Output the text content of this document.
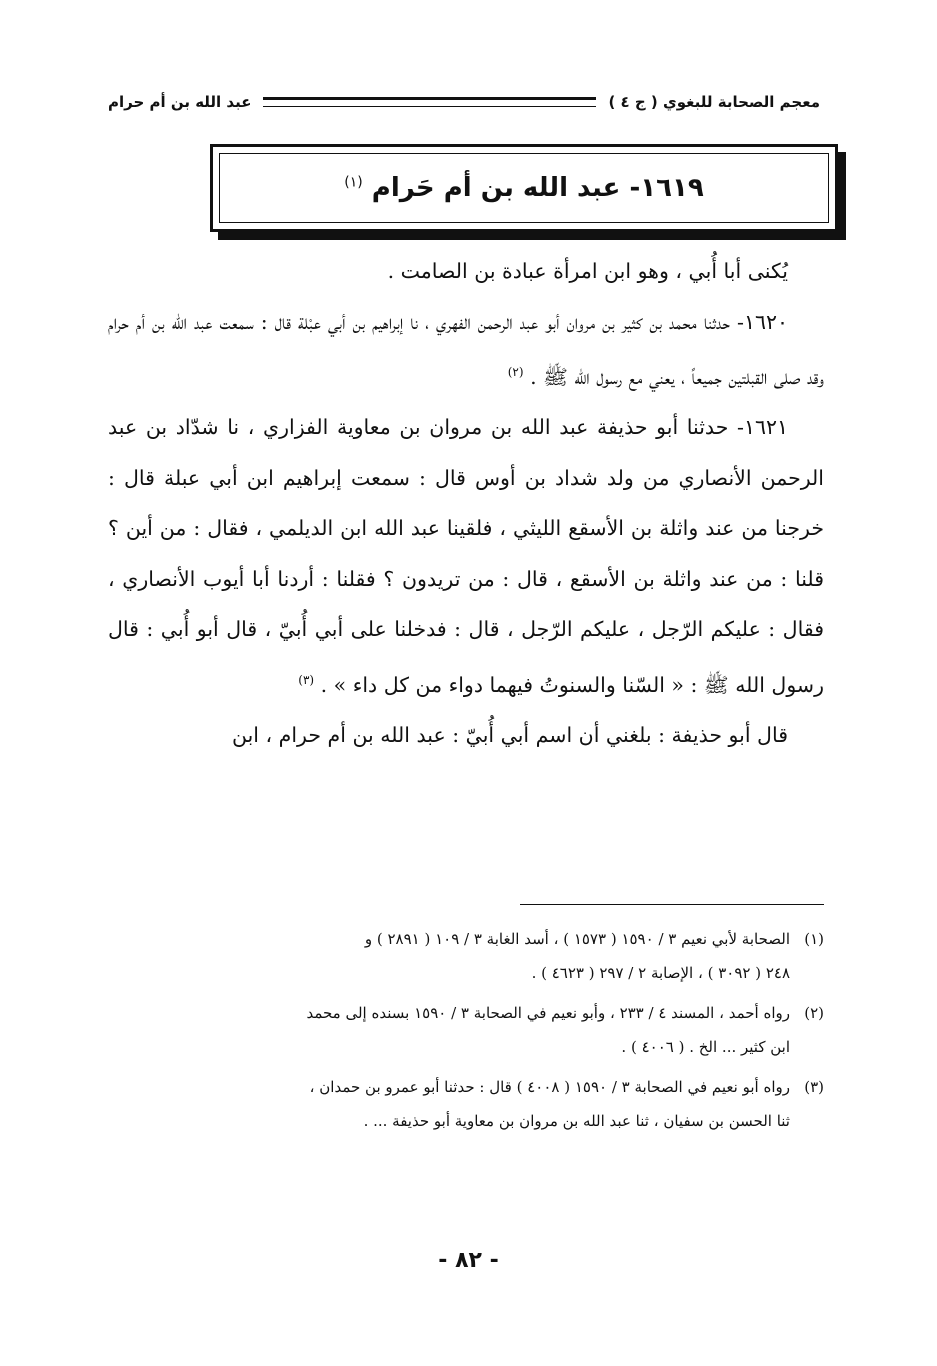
معجم الصحابة للبغوي ( ج ٤ )
عبد الله بن أم حرام
١٦١٩- عبد الله بن أم حَرام $^{(١)}$

يُكنى أبا أُبي ، وهو ابن امرأة عبادة بن الصامت .

١٦٢٠- حدثنا محمد بن كثير بن مروان أبو عبد الرحمن الفهري ، نا إبراهيم بن أبي عبْلة قال : سمعت عبد الله بن أم حرام وقد صلى القبلتين جميعاً ، يعني مع رسول الله ﷺ . $^{(٢)}$

١٦٢١- حدثنا أبو حذيفة عبد الله بن مروان بن معاوية الفزاري ، نا شدّاد بن عبد الرحمن الأنصاري من ولد شداد بن أوس قال : سمعت إبراهيم ابن أبي عبلة قال : خرجنا من عند واثلة بن الأسقع الليثي ، فلقينا عبد الله ابن الديلمي ، فقال : من أين ؟ قلنا : من عند واثلة بن الأسقع ، قال : من تريدون ؟ فقلنا : أردنا أبا أيوب الأنصاري ، فقال : عليكم الرّجل ، عليكم الرّجل ، قال : فدخلنا على أبي أُبيّ ، قال أبو أُبي : قال رسول الله ﷺ : « السّنا والسنوتُ فيهما دواء من كل داء » . $^{(٣)}$

قال أبو حذيفة : بلغني أن اسم أبي أُبيّ : عبد الله بن أم حرام ، ابن

(١)الصحابة لأبي نعيم ٣ / ١٥٩٠ ( ١٥٧٣ ) ، أسد الغابة ٣ / ١٠٩ ( ٢٨٩١ ) و
٢٤٨ ( ٣٠٩٢ ) ، الإصابة ٢ / ٢٩٧ ( ٤٦٢٣ ) .
(٢)رواه أحمد ، المسند ٤ / ٢٣٣ ، وأبو نعيم في الصحابة ٣ / ١٥٩٠ بسنده إلى محمد
ابن كثير ... الخ . ( ٤٠٠٦ ) .
(٣)رواه أبو نعيم في الصحابة ٣ / ١٥٩٠ ( ٤٠٠٨ ) قال : حدثنا أبو عمرو بن حمدان ،
ثنا الحسن بن سفيان ، ثنا عبد الله بن مروان بن معاوية أبو حذيفة ... .
- ٨٢ -
